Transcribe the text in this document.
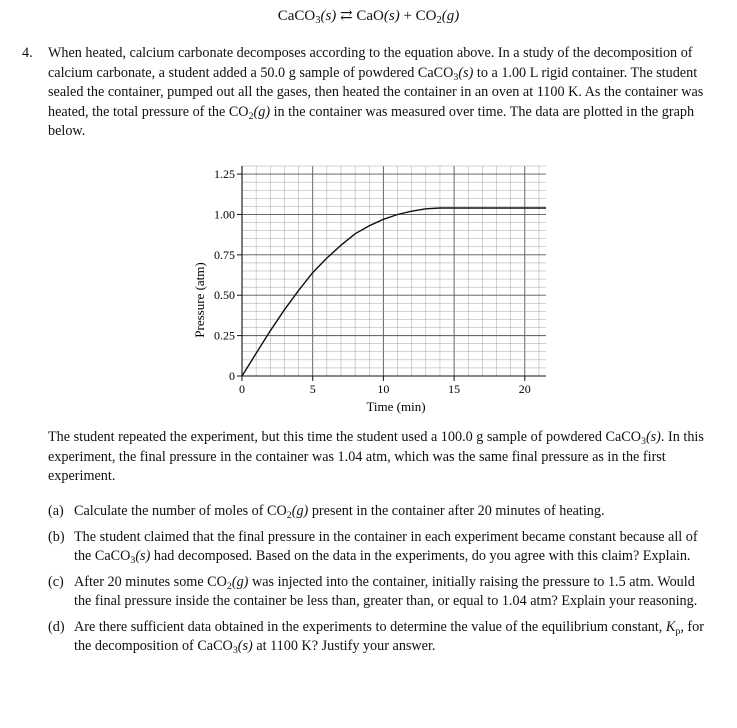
CaCO$_3$(s) ⇄ $CaO(s) + CO_2(g)$
4. When heated, calcium carbonate decomposes according to the equation above. In a study of the decomposition of calcium carbonate, a student added a 50.0 g sample of powdered CaCO$_3$(s) to a 1.00 L rigid container. The student sealed the container, pumped out all the gases, then heated the container in an oven at 1100 K. As the container was heated, the total pressure of the $CO_2(g)$ in the container was measured over time. The data are plotted in the graph below.
0
0.25
0.50
0.75
1.00
1.25
0	5	10	15	20
Time (min)
Pressure (atm)
The student repeated the experiment, but this time the student used a 100.0 g sample of powdered CaCO$_3$(s). In this experiment, the final pressure in the container was 1.04 atm, which was the same final pressure as in the first experiment.
(a) Calculate the number of moles of $CO_2(g)$ present in the container after 20 minutes of heating.
(b) The student claimed that the final pressure in the container in each experiment became constant because all of the CaCO$_3$(s) had decomposed. Based on the data in the experiments, do you agree with this claim? Explain.
(c) After 20 minutes some $CO_2(g)$ was injected into the container, initially raising the pressure to 1.5 atm. Would the final pressure inside the container be less than, greater than, or equal to 1.04 atm? Explain your reasoning.
(d) Are there sufficient data obtained in the experiments to determine the value of the equilibrium constant, $K_p$, for the decomposition of CaCO$_3$(s) at 1100 K? Justify your answer.
